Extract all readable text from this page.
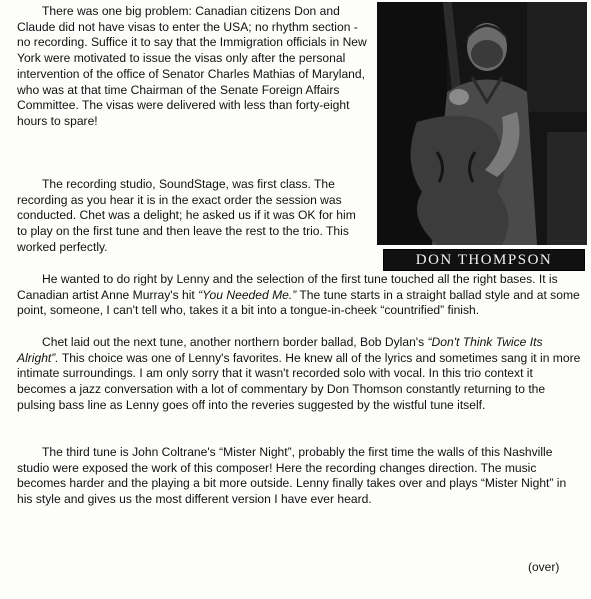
DON THOMPSON

There was one big problem: Canadian citizens Don and Claude did not have visas to enter the USA; no rhythm section - no recording. Suffice it to say that the Immigration officials in New York were motivated to issue the visas only after the personal intervention of the office of Senator Charles Mathias of Maryland, who was at that time Chairman of the Senate Foreign Affairs Committee. The visas were delivered with less than forty-eight hours to spare!

The recording studio, SoundStage, was first class. The recording as you hear it is in the exact order the session was conducted. Chet was a delight; he asked us if it was OK for him to play on the first tune and then leave the rest to the trio. This worked perfectly.

He wanted to do right by Lenny and the selection of the first tune touched all the right bases. It is Canadian artist Anne Murray's hit “You Needed Me.” The tune starts in a straight ballad style and at some point, someone, I can't tell who, takes it a bit into a tongue-in-cheek “countrified” finish.

Chet laid out the next tune, another northern border ballad, Bob Dylan's “Don't Think Twice Its Alright”. This choice was one of Lenny's favorites. He knew all of the lyrics and sometimes sang it in more intimate surroundings. I am only sorry that it wasn't recorded solo with vocal. In this trio context it becomes a jazz conversation with a lot of commentary by Don Thomson constantly returning to the pulsing bass line as Lenny goes off into the reveries suggested by the wistful tune itself.

The third tune is John Coltrane's “Mister Night”, probably the first time the walls of this Nashville studio were exposed the work of this composer! Here the recording changes direction. The music becomes harder and the playing a bit more outside. Lenny finally takes over and plays “Mister Night” in his style and gives us the most different version I have ever heard.

(over)
